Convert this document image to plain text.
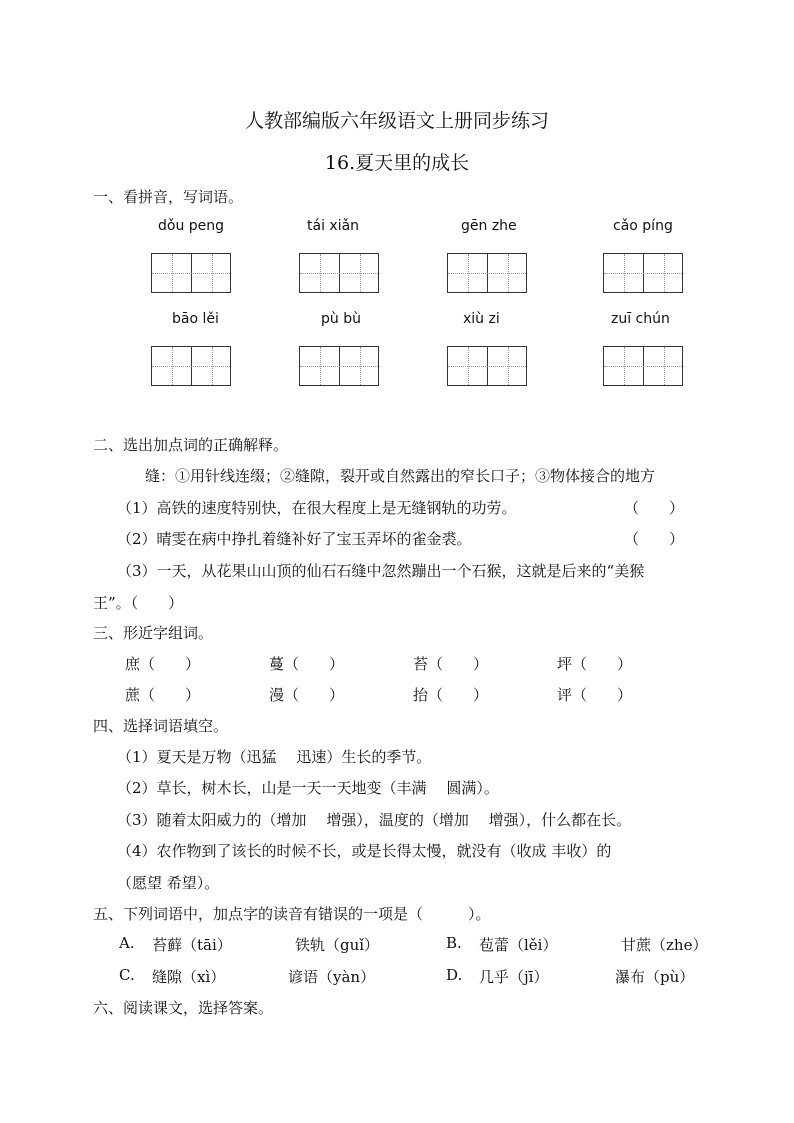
人教部编版六年级语文上册同步练习
16.夏天里的成长
一、看拼音，写词语。
dǒu peng	tái xiǎn	gēn zhe	cǎo píng
bāo lěi	pù bù	xiù zi	zuī chún
二、选出加点词的正确解释。
缝：①用针线连缀；②缝隙，裂开或自然露出的窄长口子；③物体接合的地方
（1）高铁的速度特别快，在很大程度上是无缝钢轨的功劳。	（　　）
（2）晴雯在病中挣扎着缝补好了宝玉弄坏的雀金裘。	（　　）
（3）一天，从花果山山顶的仙石石缝中忽然蹦出一个石猴，这就是后来的“美猴
王”。（　　）
三、形近字组词。
庶（　　）	蔓（　　）	苔（　　）	坪（　　）
蔗（　　）	漫（　　）	抬（　　）	评（　　）
四、选择词语填空。
（1）夏天是万物（迅猛　 迅速）生长的季节。
（2）草长，树木长，山是一天一天地变（丰满　 圆满）。
（3）随着太阳威力的（增加　 增强），温度的（增加　 增强），什么都在长。
（4）农作物到了该长的时候不长，或是长得太慢，就没有（收成 丰收）的
（愿望 希望）。
五、下列词语中，加点字的读音有错误的一项是（　　　）。
A. 苔藓（tāi）	铁轨（guǐ）	B. 苞蕾（lěi）	甘蔗（zhe）
C. 缝隙（xì）	谚语（yàn）	D. 几乎（jī）	瀑布（pù）
六、阅读课文，选择答案。
